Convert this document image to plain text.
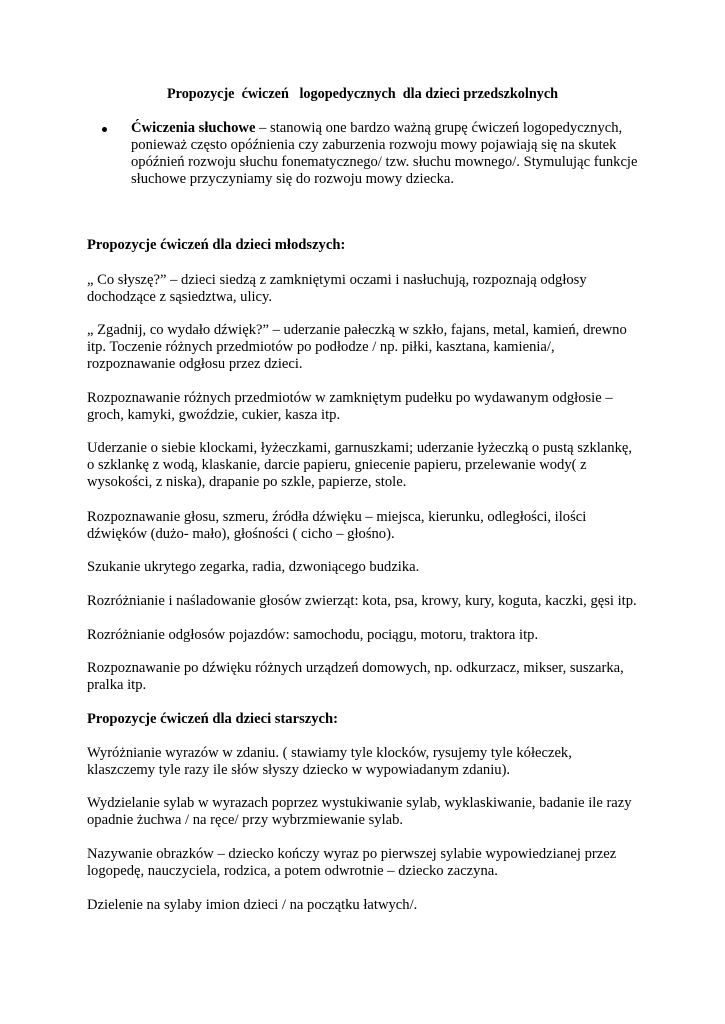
Propozycje  ćwiczeń   logopedycznych  dla dzieci przedszkolnych
Ćwiczenia słuchowe – stanowią one bardzo ważną grupę ćwiczeń logopedycznych, ponieważ często opóźnienia czy zaburzenia rozwoju mowy pojawiają się na skutek opóźnień rozwoju słuchu fonematycznego/ tzw. słuchu mownego/. Stymulując funkcje słuchowe przyczyniamy się do rozwoju mowy dziecka.
Propozycje ćwiczeń dla dzieci młodszych:
„ Co słyszę?” – dzieci siedzą z zamkniętymi oczami i nasłuchują, rozpoznają odgłosy dochodzące z sąsiedztwa, ulicy.
„ Zgadnij, co wydało dźwięk?” – uderzanie pałeczką w szkło, fajans, metal, kamień, drewno itp. Toczenie różnych przedmiotów po podłodze / np. piłki, kasztana, kamienia/, rozpoznawanie odgłosu przez dzieci.
Rozpoznawanie różnych przedmiotów w zamkniętym pudełku po wydawanym odgłosie – groch, kamyki, gwoździe, cukier, kasza itp.
Uderzanie o siebie klockami, łyżeczkami, garnuszkami; uderzanie łyżeczką o pustą szklankę, o szklankę z wodą, klaskanie, darcie papieru, gniecenie papieru, przelewanie wody( z wysokości, z niska), drapanie po szkle, papierze, stole.
Rozpoznawanie głosu, szmeru, źródła dźwięku – miejsca, kierunku, odległości, ilości dźwięków (dużo- mało), głośności ( cicho – głośno).
Szukanie ukrytego zegarka, radia, dzwoniącego budzika.
Rozróżnianie i naśladowanie głosów zwierząt: kota, psa, krowy, kury, koguta, kaczki, gęsi itp.
Rozróżnianie odgłosów pojazdów: samochodu, pociągu, motoru, traktora itp.
Rozpoznawanie po dźwięku różnych urządzeń domowych, np. odkurzacz, mikser, suszarka, pralka itp.
Propozycje ćwiczeń dla dzieci starszych:
Wyróżnianie wyrazów w zdaniu. ( stawiamy tyle klocków, rysujemy tyle kółeczek, klaszczemy tyle razy ile słów słyszy dziecko w wypowiadanym zdaniu).
Wydzielanie sylab w wyrazach poprzez wystukiwanie sylab, wyklaskiwanie, badanie ile razy opadnie żuchwa / na ręce/ przy wybrzmiewanie sylab.
Nazywanie obrazków – dziecko kończy wyraz po pierwszej sylabie wypowiedzianej przez logopedę, nauczyciela, rodzica, a potem odwrotnie – dziecko zaczyna.
Dzielenie na sylaby imion dzieci / na początku łatwych/.
